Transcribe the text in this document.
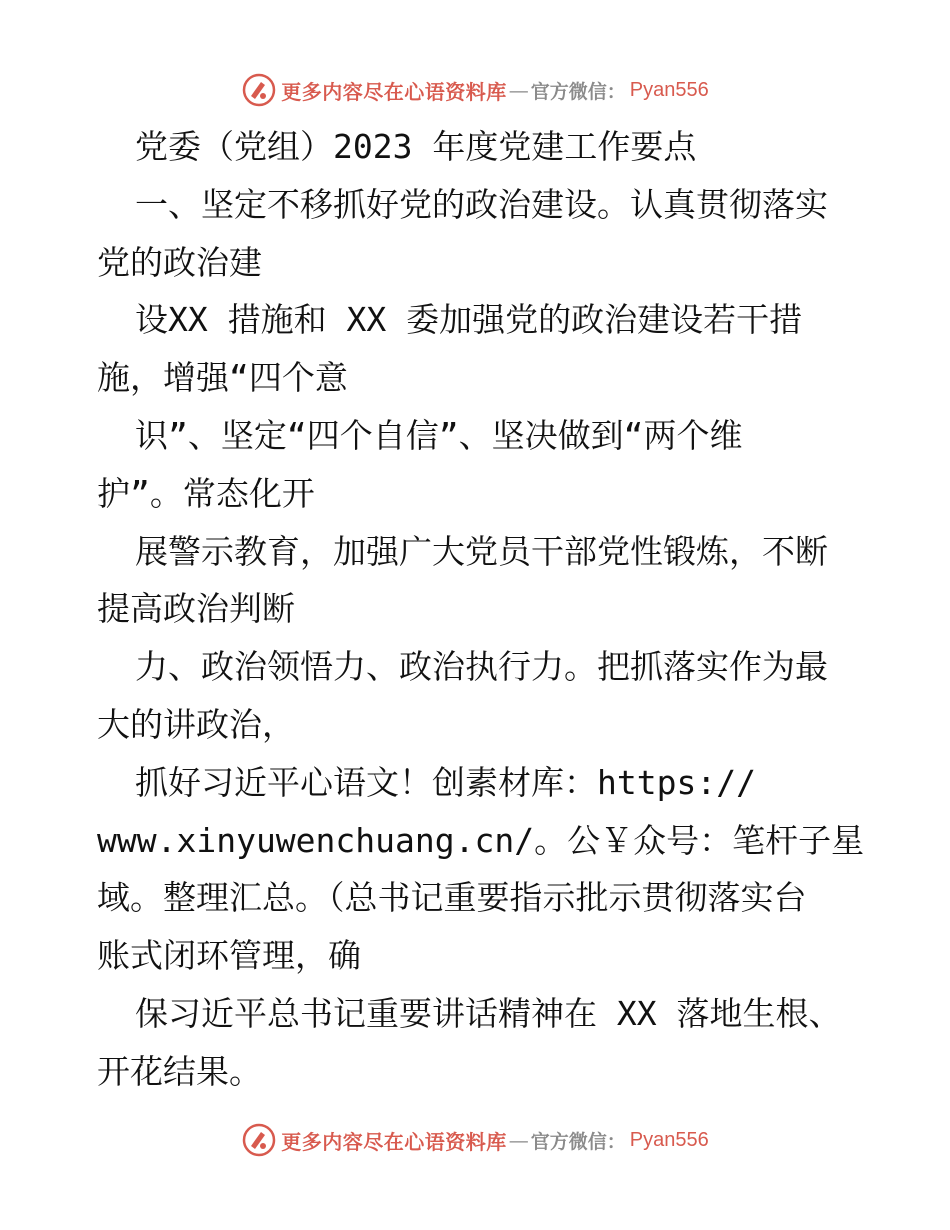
更多内容尽在心语资料库 — 官方微信： Pyan556
党委（党组）2023 年度党建工作要点
一、坚定不移抓好党的政治建设。认真贯彻落实
党的政治建
设XX 措施和 XX 委加强党的政治建设若干措
施，增强“四个意
识”、坚定“四个自信”、坚决做到“两个维
护”。常态化开
展警示教育，加强广大党员干部党性锻炼，不断
提高政治判断
力、政治领悟力、政治执行力。把抓落实作为最
大的讲政治，
抓好习近平心语文！创素材库：https://
www.xinyuwenchuang.cn/。公￥众号：笔杆子星
域。整理汇总。（总书记重要指示批示贯彻落实台
账式闭环管理，确
保习近平总书记重要讲话精神在 XX 落地生根、
开花结果。
更多内容尽在心语资料库 — 官方微信： Pyan556
